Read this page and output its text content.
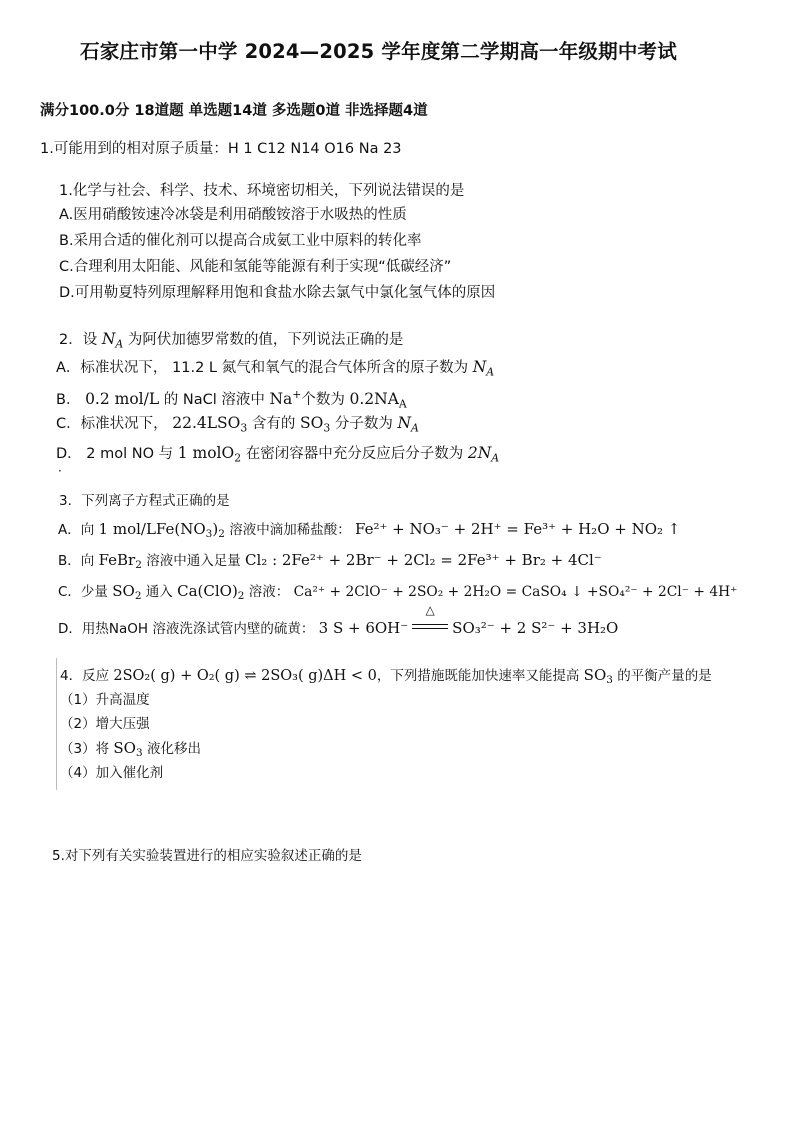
石家庄市第一中学 2024—2025 学年度第二学期高一年级期中考试
满分100.0分 18道题 单选题14道 多选题0道 非选择题4道
1.可能用到的相对原子质量：H 1 C12 N14 O16 Na 23
1.化学与社会、科学、技术、环境密切相关，下列说法错误的是
A.医用硝酸铵速冷冰袋是利用硝酸铵溶于水吸热的性质
B.采用合适的催化剂可以提高合成氨工业中原料的转化率
C.合理利用太阳能、风能和氢能等能源有利于实现“低碳经济”
D.可用勒夏特列原理解释用饱和食盐水除去氯气中氯化氢气体的原因
2．设 $N_A$ 为阿伏加德罗常数的值，下列说法正确的是
A．标准状况下， 11.2 L 氮气和氧气的混合气体所含的原子数为 $N_A$
B． 0.2 mol/L 的 NaCl 溶液中 Na+个数为 $0.2NA_A$
C．标准状况下， $22.4LSO_3$ 含有的 $SO_3$ 分子数为 $N_A$
D． 2 mol NO 与 1 molO$_2$ 在密闭容器中充分反应后分子数为 $2N_A$
·
3．下列离子方程式正确的是
A．向 1 mol/$LFe(NO_3)_2$ 溶液中滴加稀盐酸： Fe²⁺ + NO₃⁻ + 2H⁺ = Fe³⁺ + H₂O + NO₂ ↑
B．向 FeBr$_2$ 溶液中通入足量 Cl₂ : 2Fe²⁺ + 2Br⁻ + 2Cl₂ = 2Fe³⁺ + Br₂ + 4Cl⁻
C．少量 $SO_2$ 通入 $Ca(ClO)_2$ 溶液： Ca²⁺ + 2ClO⁻ + 2SO₂ + 2H₂O = CaSO₄ ↓ +SO₄²⁻ + 2Cl⁻ + 4H⁺
D．用热NaOH 溶液洗涤试管内壁的硫黄： 3 S + 6OH⁻
△
SO₃²⁻ + 2 S²⁻ + 3H₂O
4．反应 2SO₂( g) + O₂( g) ⇌ 2SO₃( g)ΔH < 0，下列措施既能加快速率又能提高 $SO_3$ 的平衡产量的是
（1）升高温度
（2）增大压强
（3）将 $SO_3$ 液化移出
（4）加入催化剂
5.对下列有关实验装置进行的相应实验叙述正确的是
